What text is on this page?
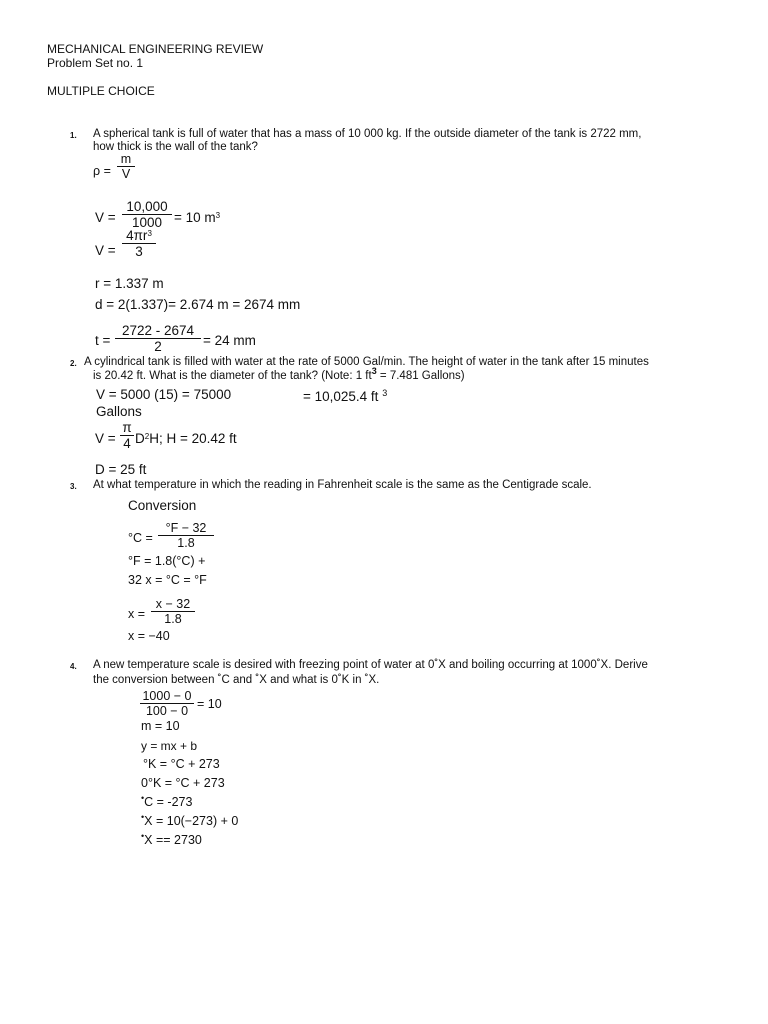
MECHANICAL ENGINEERING REVIEW
Problem Set no. 1
MULTIPLE CHOICE
1. A spherical tank is full of water that has a mass of 10 000 kg. If the outside diameter of the tank is 2722 mm,
how thick is the wall of the tank?
ρ =
m
V
V =
10,000
1000 = 10 $m^3$
V =
$4\pi r^3$
3
r = 1.337 m
d = 2(1.337)= 2.674 m = 2674 mm
t =
2722 - 2674
2	= 24 mm
2. A cylindrical tank is filled with water at the rate of 5000 Gal/min. The height of water in the tank after 15 minutes
is 20.42 ft. What is the diameter of the tank? (Note: 1 $ft^3 = 7.481$ Gallons)
V = 5000 (15) = 75000	= 10,025.4 ft $^3$
Gallons
V =
π
4 $D^2H$; H = 20.42 ft
D = 25 ft
3. At what temperature in which the reading in Fahrenheit scale is the same as the Centigrade scale.
Conversion
°C =
°F − 32
1.8
°F = 1.8(°C) +
32 x = °C = °F
x =
x − 32
1.8
x = −40
4. A new temperature scale is desired with freezing point of water at 0˚X and boiling occurring at 1000˚X. Derive
the conversion between ˚C and ˚X and what is 0˚K in ˚X.
1000 − 0
100 − 0 = 10
m = 10
y = mx + b
°K = °C + 273
0°K = °C + 273
•C = -273
•X = 10(−273) + 0
•X == 2730
